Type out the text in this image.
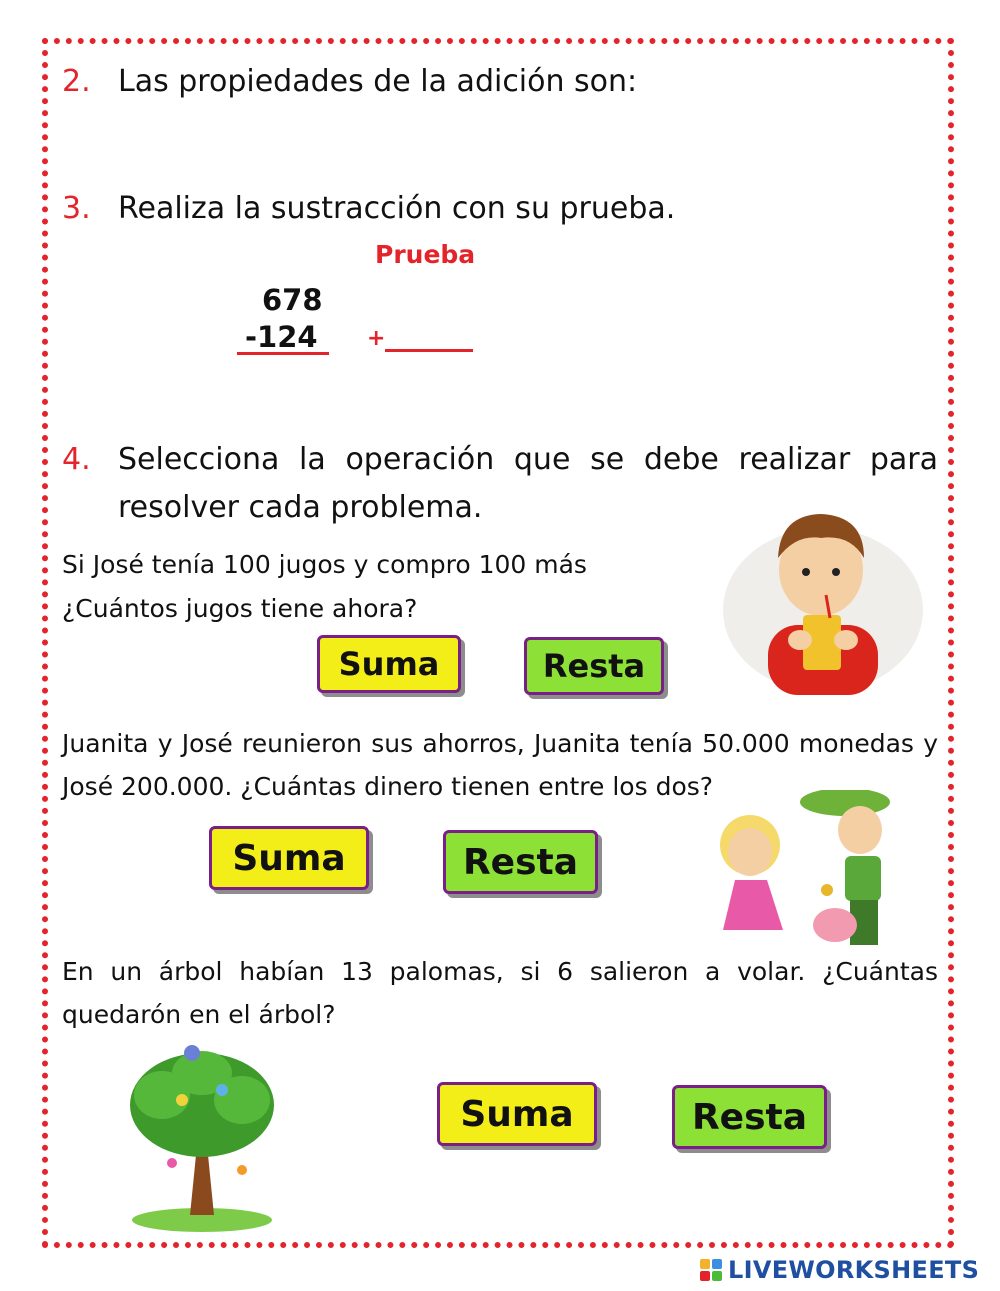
2. Las propiedades de la adición son:
3. Realiza la sustracción con su prueba.
Prueba
678
-124 +
4. Selecciona la operación que se debe realizar para resolver cada problema.
Si José tenía 100 jugos y compro 100 más
¿Cuántos jugos tiene ahora?
Suma	Resta
Juanita y José reunieron sus ahorros, Juanita tenía 50.000 monedas y José 200.000. ¿Cuántas dinero tienen entre los dos?
Suma	Resta
En un árbol habían 13 palomas, si 6 salieron a volar. ¿Cuántas quedarón en el árbol?
Suma	Resta
LIVEWORKSHEETS
